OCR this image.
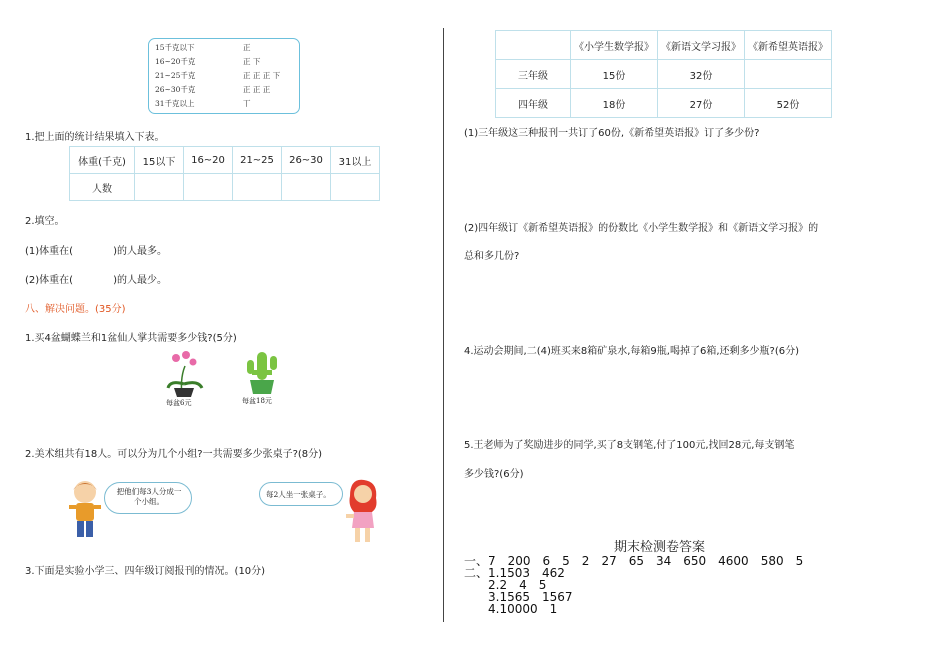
15千克以下	正
16~20千克	正 下
21~25千克	正 正 正 下
26~30千克	正 正 正
31千克以上	丅
1.把上面的统计结果填入下表。
体重(千克)	15以下	16~20	21~25	26~30	31以上
人数					
2.填空。
(1)体重在(　　　　)的人最多。
(2)体重在(　　　　)的人最少。
八、解决问题。(35分)
1.买4盆蝴蝶兰和1盆仙人掌共需要多少钱?(5分)
每盆6元	每盆18元
2.美术组共有18人。可以分为几个小组?一共需要多少张桌子?(8分)
把他们每3人分成一个小组。
每2人坐一张桌子。
3.下面是实验小学三、四年级订阅报刊的情况。(10分)
	《小学生数学报》	《新语文学习报》	《新希望英语报》
三年级	15份	32份	
四年级	18份	27份	52份
(1)三年级这三种报刊一共订了60份,《新希望英语报》订了多少份?
(2)四年级订《新希望英语报》的份数比《小学生数学报》和《新语文学习报》的
总和多几份?
4.运动会期间,二(4)班买来8箱矿泉水,每箱9瓶,喝掉了6箱,还剩多少瓶?(6分)
5.王老师为了奖励进步的同学,买了8支钢笔,付了100元,找回28元,每支钢笔
多少钱?(6分)
期末检测卷答案
一、7　200　6　5　2　27　65　34　650　4600　580　5
二、1.1503　462
　　2.2　4　5
　　3.1565　1567
　　4.10000　1
